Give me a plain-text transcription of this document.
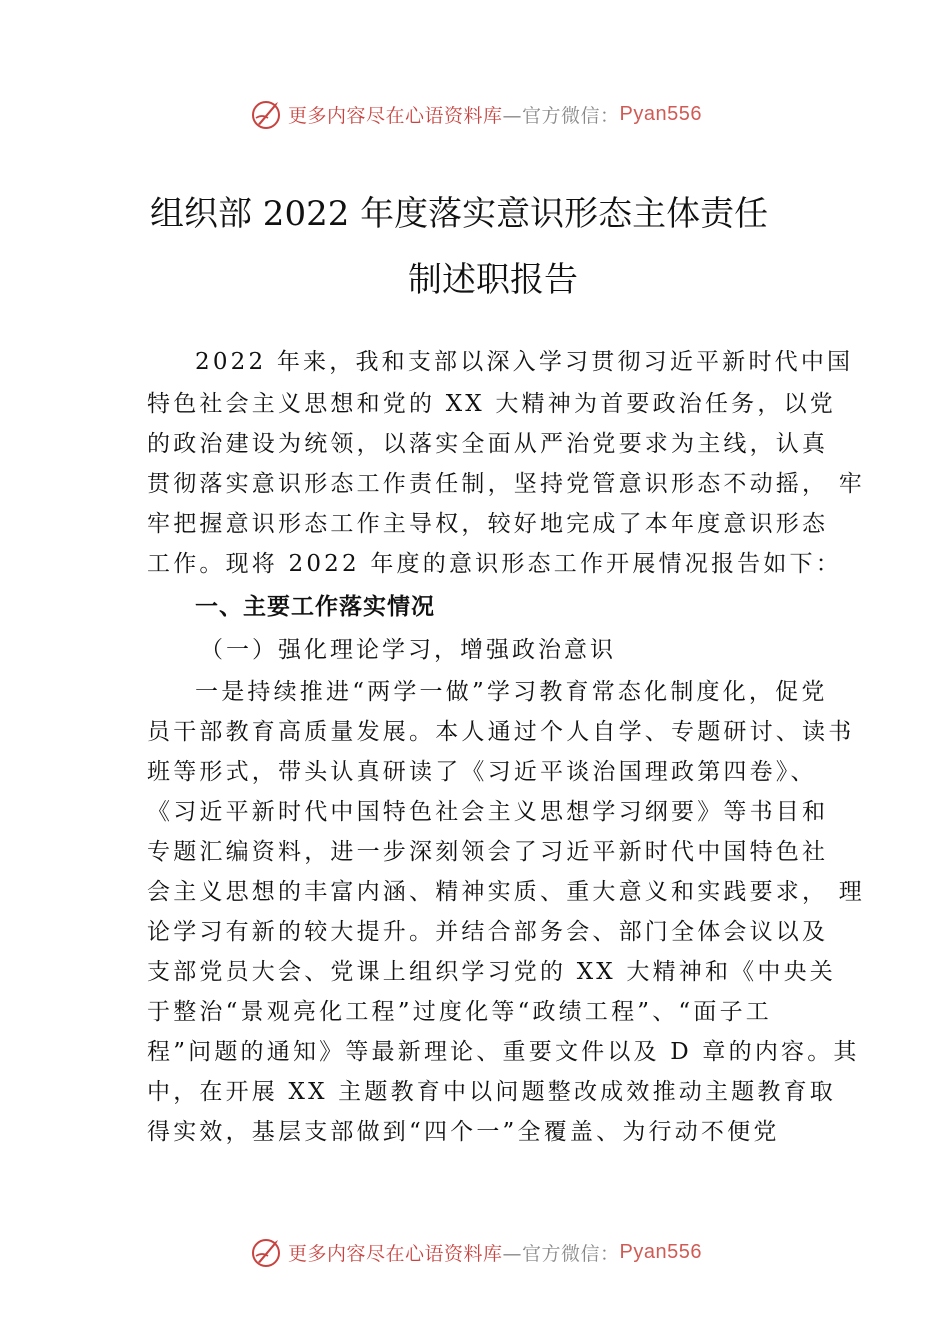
更多内容尽在心语资料库 —官方微信： Pyan556
组织部 2022 年度落实意识形态主体责任
制述职报告
2022 年来，我和支部以深入学习贯彻习近平新时代中国
特色社会主义思想和党的 XX 大精神为首要政治任务，以党
的政治建设为统领，以落实全面从严治党要求为主线，认真
贯彻落实意识形态工作责任制，坚持党管意识形态不动摇， 牢
牢把握意识形态工作主导权，较好地完成了本年度意识形态
工作。现将 2022 年度的意识形态工作开展情况报告如下：
一、主要工作落实情况
（一）强化理论学习，增强政治意识
一是持续推进“两学一做”学习教育常态化制度化，促党
员干部教育高质量发展。本人通过个人自学、专题研讨、读书
班等形式，带头认真研读了《习近平谈治国理政第四卷》、
《习近平新时代中国特色社会主义思想学习纲要》等书目和
专题汇编资料，进一步深刻领会了习近平新时代中国特色社
会主义思想的丰富内涵、精神实质、重大意义和实践要求， 理
论学习有新的较大提升。并结合部务会、部门全体会议以及
支部党员大会、党课上组织学习党的 XX 大精神和《中央关
于整治“景观亮化工程”过度化等“政绩工程”、“面子工
程”问题的通知》等最新理论、重要文件以及 D 章的内容。其
中，在开展 XX 主题教育中以问题整改成效推动主题教育取
得实效，基层支部做到“四个一”全覆盖、为行动不便党
更多内容尽在心语资料库 —官方微信： Pyan556
